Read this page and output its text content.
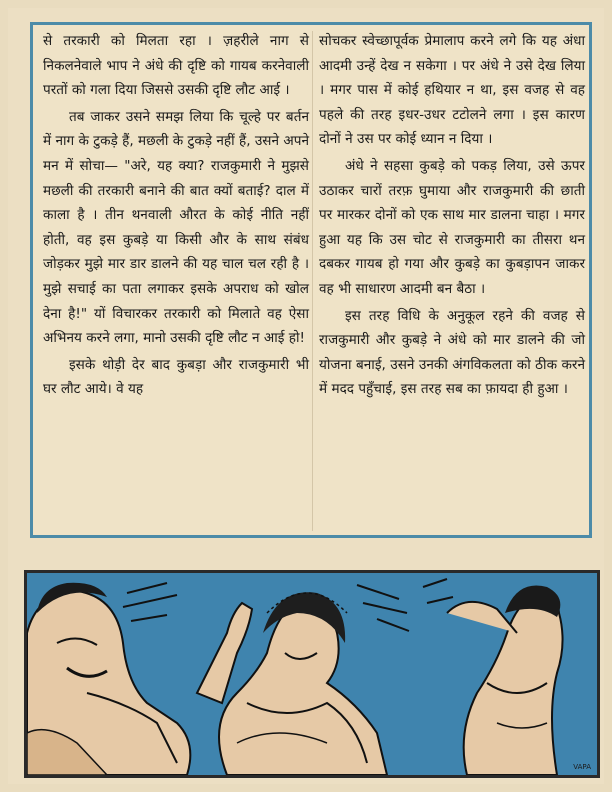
से तरकारी को मिलता रहा । ज़हरीले नाग से निकलनेवाले भाप ने अंधे की दृष्टि को गायब करनेवाली परतों को गला दिया जिससे उसकी दृष्टि लौट आई ।

तब जाकर उसने समझ लिया कि चूल्हे पर बर्तन में नाग के टुकड़े हैं, मछली के टुकड़े नहीं हैं, उसने अपने मन में सोचा— "अरे, यह क्या? राजकुमारी ने मुझसे मछली की तरकारी बनाने की बात क्यों बताई? दाल में काला है । तीन थनवाली औरत के कोई नीति नहीं होती, वह इस कुबड़े या किसी और के साथ संबंध जोड़कर मुझे मार डार डालने की यह चाल चल रही है । मुझे सचाई का पता लगाकर इसके अपराध को खोल देना है!" यों विचारकर तरकारी को मिलाते वह ऐसा अभिनय करने लगा, मानो उसकी दृष्टि लौट न आई हो!

इसके थोड़ी देर बाद कुबड़ा और राजकुमारी भी घर लौट आये। वे यह

सोचकर स्वेच्छापूर्वक प्रेमालाप करने लगे कि यह अंधा आदमी उन्हें देख न सकेगा । पर अंधे ने उसे देख लिया । मगर पास में कोई हथियार न था, इस वजह से वह पहले की तरह इधर-उधर टटोलने लगा । इस कारण दोनों ने उस पर कोई ध्यान न दिया ।

अंधे ने सहसा कुबड़े को पकड़ लिया, उसे ऊपर उठाकर चारों तरफ़ घुमाया और राजकुमारी की छाती पर मारकर दोनों को एक साथ मार डालना चाहा । मगर हुआ यह कि उस चोट से राजकुमारी का तीसरा थन दबकर गायब हो गया और कुबड़े का कुबड़ापन जाकर वह भी साधारण आदमी बन बैठा ।

इस तरह विधि के अनुकूल रहने की वजह से राजकुमारी और कुबड़े ने अंधे को मार डालने की जो योजना बनाई, उसने उनकी अंगविकलता को ठीक करने में मदद पहुँचाई, इस तरह सब का फ़ायदा ही हुआ ।

VAPA
